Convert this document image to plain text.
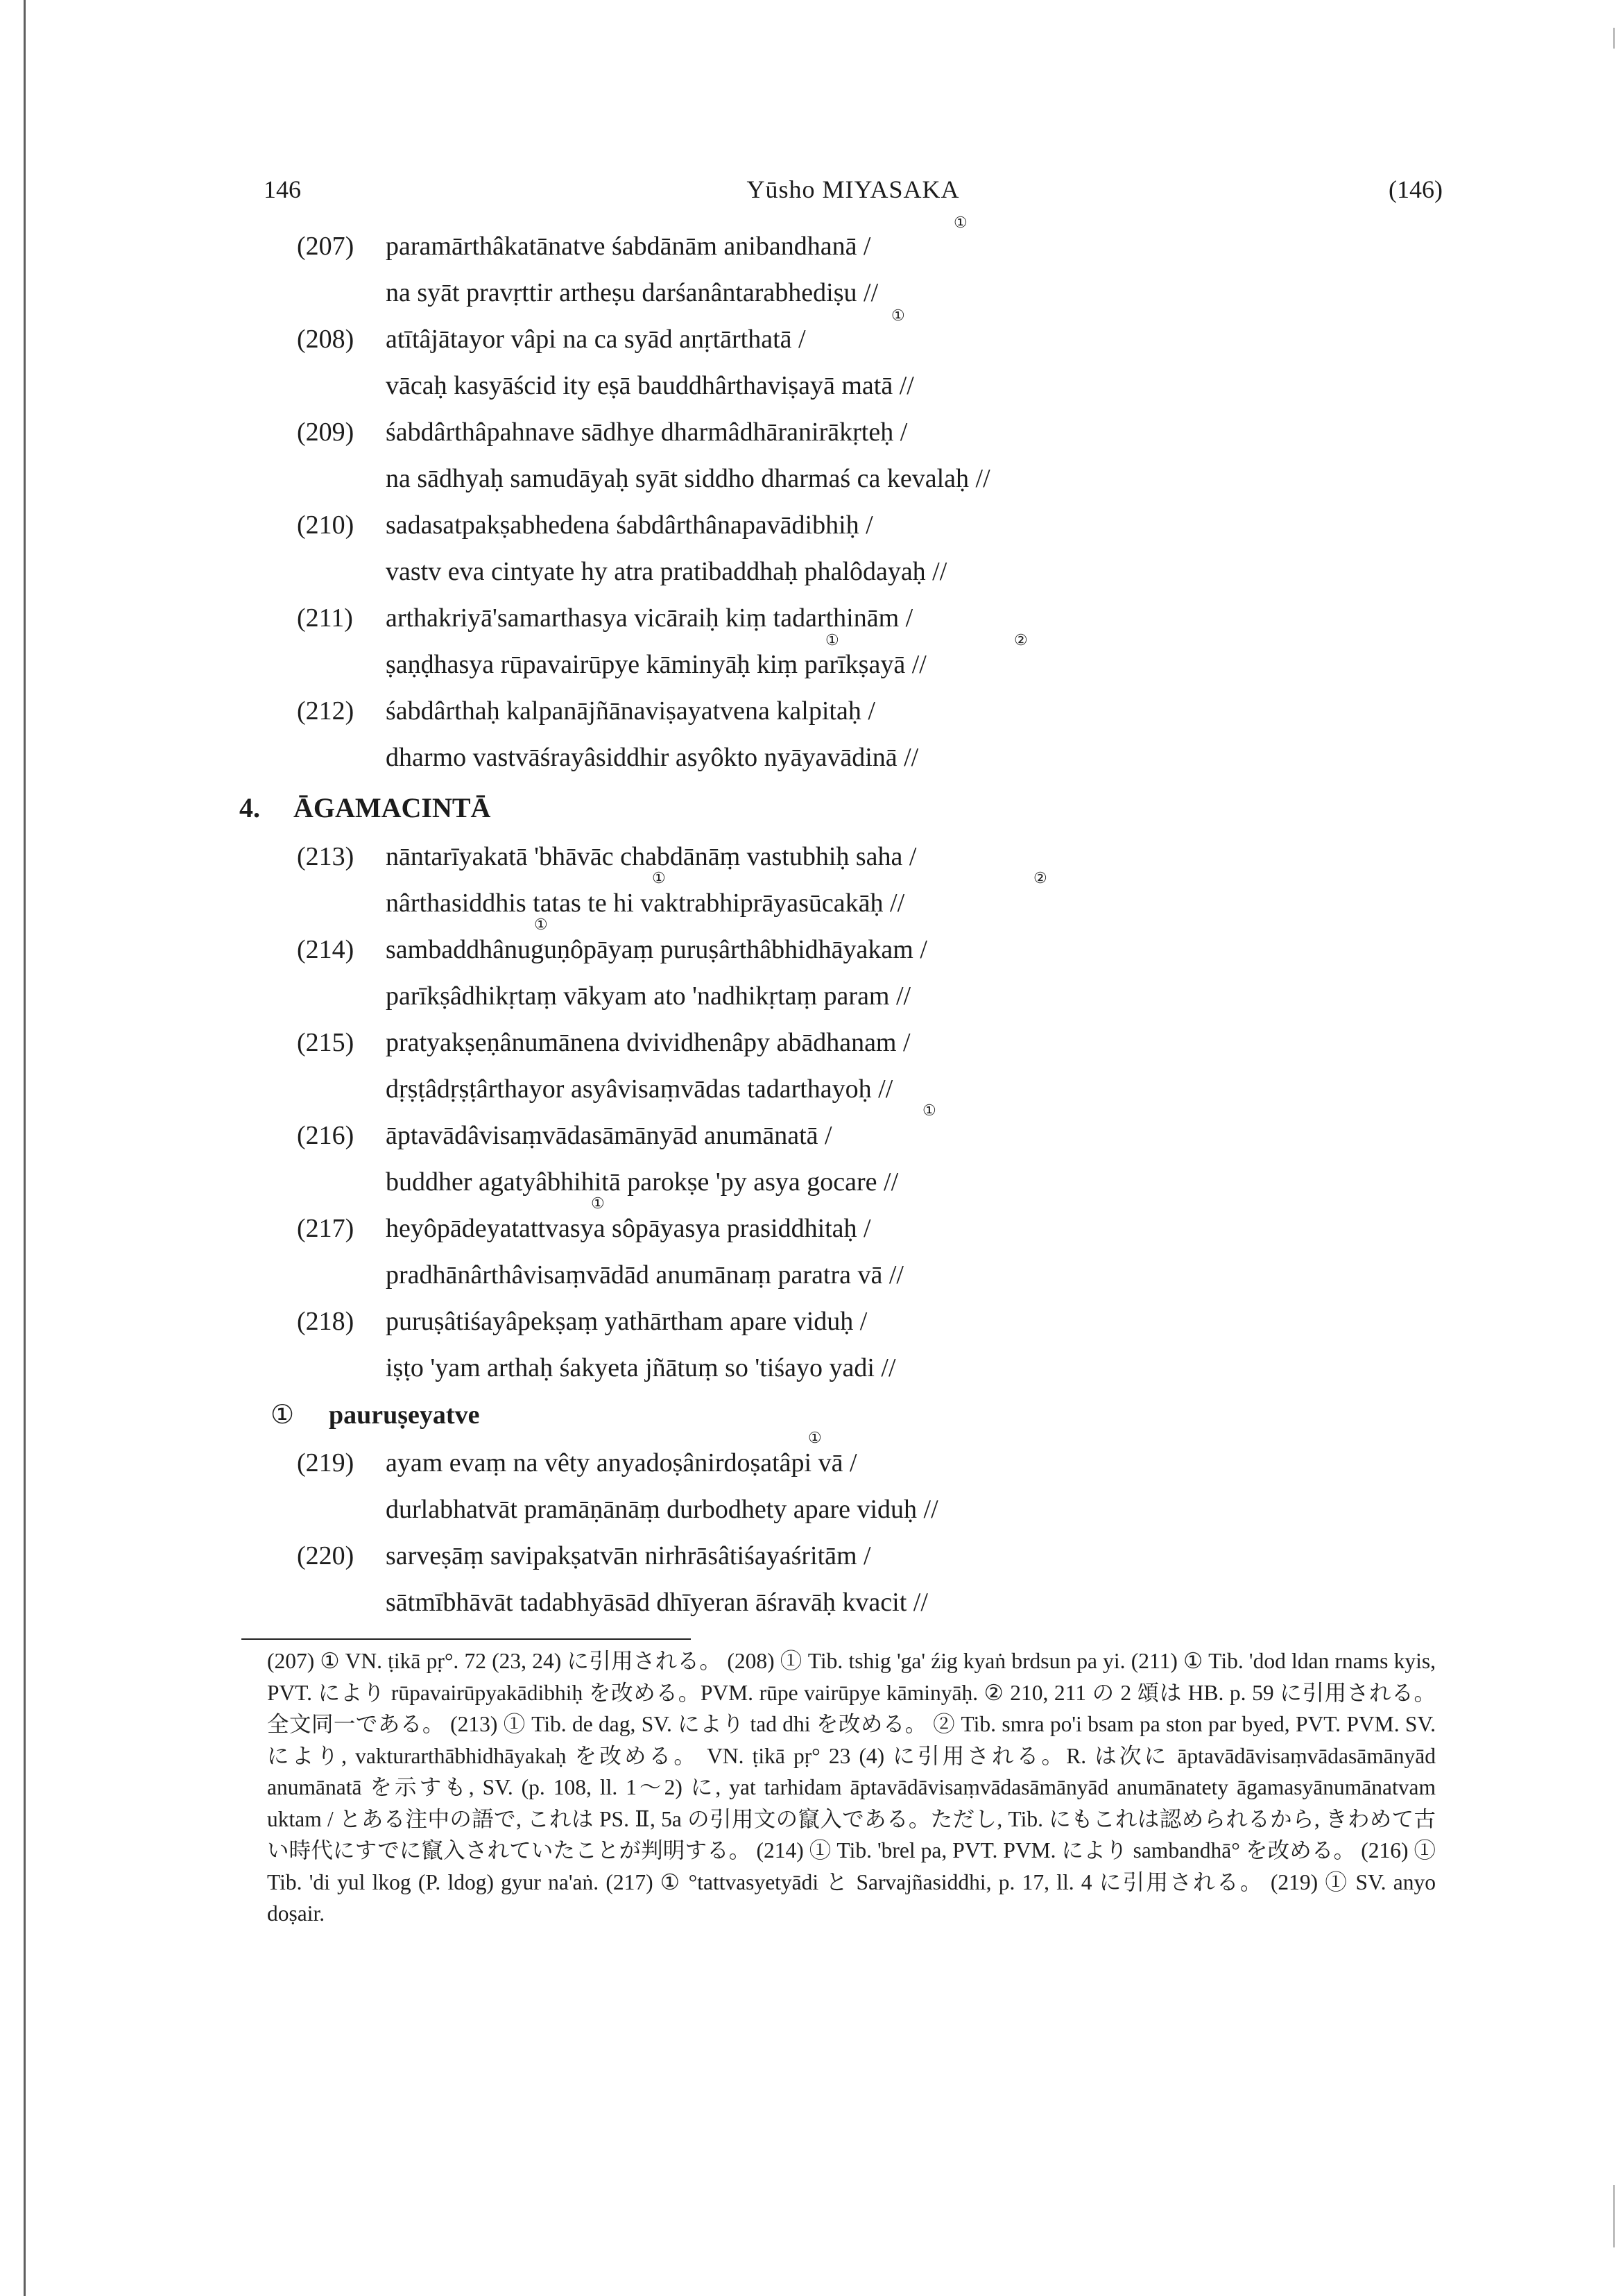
146	Yūsho MIYASAKA	(146)
(207) paramārthâkatānatve śabdānām anibandhanā /
①
na syāt pravṛttir artheṣu darśanântarabhediṣu //
(208) atītâjātayor vâpi na ca syād anṛtārthatā /
①
vācaḥ kasyāścid ity eṣā bauddhârthaviṣayā matā //
(209) śabdârthâpahnave sādhye dharmâdhāranirākṛteḥ /
na sādhyaḥ samudāyaḥ syāt siddho dharmaś ca kevalaḥ //
(210) sadasatpakṣabhedena śabdârthânapavādibhiḥ /
vastv eva cintyate hy atra pratibaddhaḥ phalôdayaḥ //
(211) arthakriyā'samarthasya vicāraiḥ kiṃ tadarthinām /
①	②
ṣaṇḍhasya rūpavairūpye kāminyāḥ kiṃ parīkṣayā //
(212) śabdârthaḥ kalpanājñānaviṣayatvena kalpitaḥ /
dharmo vastvāśrayâsiddhir asyôkto nyāyavādinā //
4. ĀGAMACINTĀ
(213) nāntarīyakatā 'bhāvāc chabdānāṃ vastubhiḥ saha /
①	②
nârthasiddhis tatas te hi vaktrabhiprāyasūcakāḥ //
①
(214) sambaddhânuguṇôpāyaṃ puruṣârthâbhidhāyakam /
parīkṣâdhikṛtaṃ vākyam ato 'nadhikṛtaṃ param //
(215) pratyakṣeṇânumānena dvividhenâpy abādhanam /
dṛṣṭâdṛṣṭârthayor asyâvisaṃvādas tadarthayoḥ //
①
(216) āptavādâvisaṃvādasāmānyād anumānatā /
buddher agatyâbhihitā parokṣe 'py asya gocare //
①
(217) heyôpādeyatattvasya sôpāyasya prasiddhitaḥ /
pradhānârthâvisaṃvādād anumānaṃ paratra vā //
(218) puruṣâtiśayâpekṣaṃ yathārtham apare viduḥ /
iṣṭo 'yam arthaḥ śakyeta jñātuṃ so 'tiśayo yadi //
① pauruṣeyatve
①
(219) ayam evaṃ na vêty anyadoṣânirdoṣatâpi vā /
durlabhatvāt pramāṇānāṃ durbodhety apare viduḥ //
(220) sarveṣāṃ savipakṣatvān nirhrāsâtiśayaśritām /
sātmībhāvāt tadabhyāsād dhīyeran āśravāḥ kvacit //
(207) ① VN. ṭikā pṛ°. 72 (23, 24) に引用される。 (208) ① Tib. tshig 'ga' źig kyaṅ brdsun pa yi. (211) ① Tib. 'dod ldan rnams kyis, PVT. により rūpavairūpyakādibhiḥ を改める。PVM. rūpe vairūpye kāminyāḥ. ② 210, 211 の 2 頌は HB. p. 59 に引用される。全文同一である。 (213) ① Tib. de dag, SV. により tad dhi を改める。 ② Tib. smra po'i bsam pa ston par byed, PVT. PVM. SV. により, vakturarthābhidhāyakaḥ を改める。 VN. ṭikā pṛ° 23 (4) に引用される。R. は次に āptavādāvisaṃvādasāmānyād anumānatā を示すも, SV. (p. 108, ll. 1〜2) に, yat tarhidam āptavādāvisaṃvādasāmānyād anumānatety āgamasyānumānatvam uktam / とある注中の語で, これは PS. Ⅱ, 5a の引用文の竄入である。ただし, Tib. にもこれは認められるから, きわめて古い時代にすでに竄入されていたことが判明する。 (214) ① Tib. 'brel pa, PVT. PVM. により sambandhā° を改める。 (216) ① Tib. 'di yul lkog (P. ldog) gyur na'aṅ. (217) ① °tattvasyetyādi と Sarvajñasiddhi, p. 17, ll. 4 に引用される。 (219) ① SV. anyo doṣair.
